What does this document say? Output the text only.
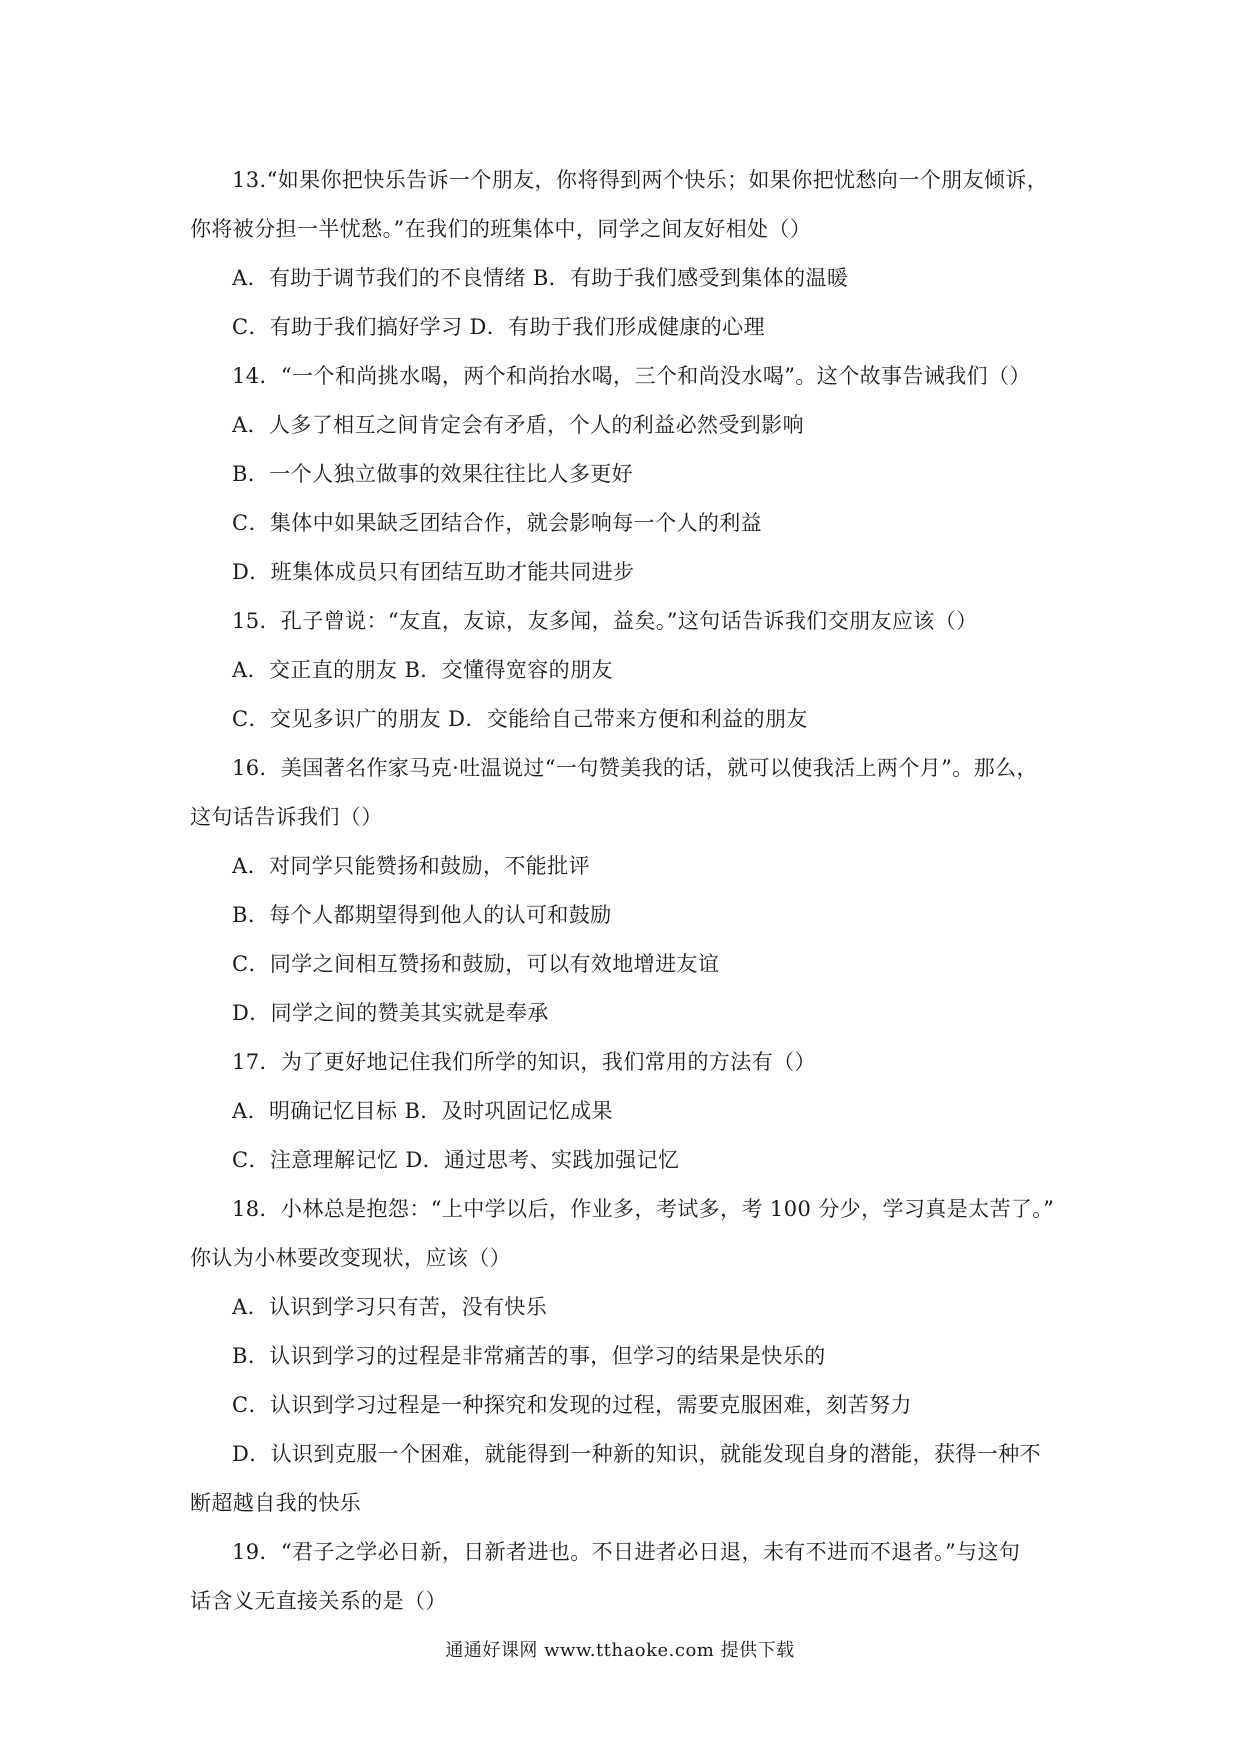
13.“如果你把快乐告诉一个朋友，你将得到两个快乐；如果你把忧愁向一个朋友倾诉，
你将被分担一半忧愁。”在我们的班集体中，同学之间友好相处（）
A．有助于调节我们的不良情绪 B．有助于我们感受到集体的温暖
C．有助于我们搞好学习 D．有助于我们形成健康的心理
14．“一个和尚挑水喝，两个和尚抬水喝，三个和尚没水喝”。这个故事告诫我们（）
A．人多了相互之间肯定会有矛盾，个人的利益必然受到影响
B．一个人独立做事的效果往往比人多更好
C．集体中如果缺乏团结合作，就会影响每一个人的利益
D．班集体成员只有团结互助才能共同进步
15．孔子曾说：“友直，友谅，友多闻，益矣。”这句话告诉我们交朋友应该（）
A．交正直的朋友 B．交懂得宽容的朋友
C．交见多识广的朋友 D．交能给自己带来方便和利益的朋友
16．美国著名作家马克·吐温说过“一句赞美我的话，就可以使我活上两个月”。那么，
这句话告诉我们（）
A．对同学只能赞扬和鼓励，不能批评
B．每个人都期望得到他人的认可和鼓励
C．同学之间相互赞扬和鼓励，可以有效地增进友谊
D．同学之间的赞美其实就是奉承
17．为了更好地记住我们所学的知识，我们常用的方法有（）
A．明确记忆目标 B．及时巩固记忆成果
C．注意理解记忆 D．通过思考、实践加强记忆
18．小林总是抱怨：“上中学以后，作业多，考试多，考 100 分少，学习真是太苦了。”
你认为小林要改变现状，应该（）
A．认识到学习只有苦，没有快乐
B．认识到学习的过程是非常痛苦的事，但学习的结果是快乐的
C．认识到学习过程是一种探究和发现的过程，需要克服困难，刻苦努力
D．认识到克服一个困难，就能得到一种新的知识，就能发现自身的潜能，获得一种不
断超越自我的快乐
19．“君子之学必日新，日新者进也。不日进者必日退，未有不进而不退者。”与这句
话含义无直接关系的是（）
通通好课网 www.tthaoke.com 提供下载
